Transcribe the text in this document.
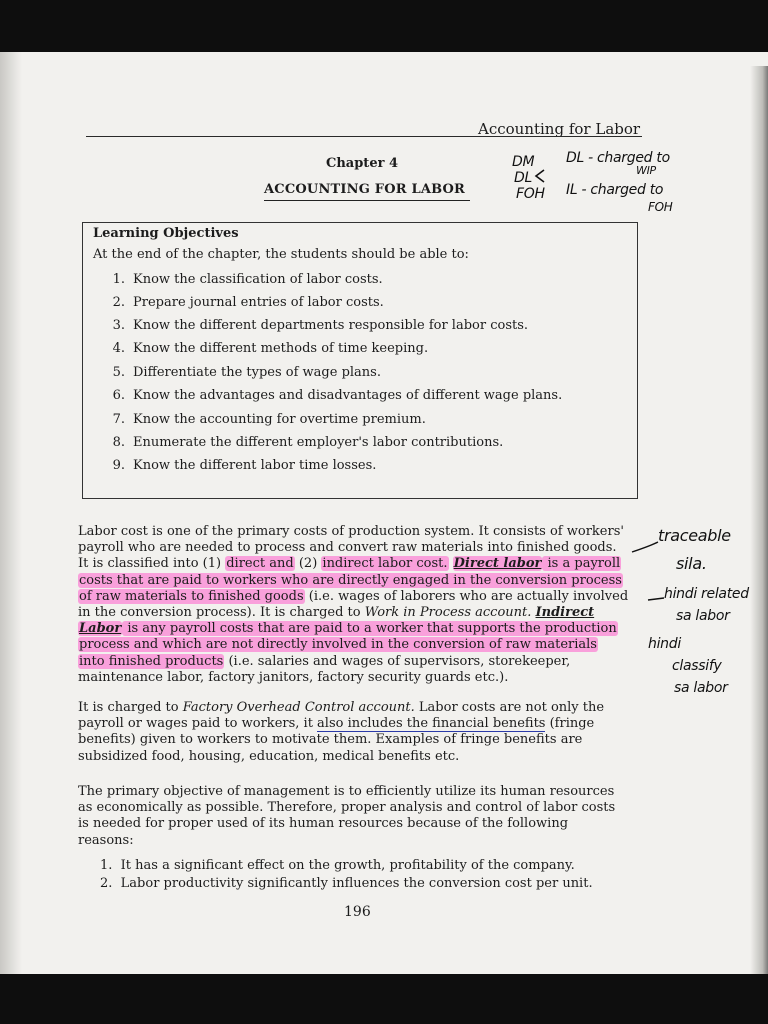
Accounting for Labor
Chapter 4
ACCOUNTING FOR LABOR
Learning Objectives
At the end of the chapter, the students should be able to:
1. Know the classification of labor costs.
2. Prepare journal entries of labor costs.
3. Know the different departments responsible for labor costs.
4. Know the different methods of time keeping.
5. Differentiate the types of wage plans.
6. Know the advantages and disadvantages of different wage plans.
7. Know the accounting for overtime premium.
8. Enumerate the different employer's labor contributions.
9. Know the different labor time losses.

Labor cost is one of the primary costs of production system. It consists of workers'

payroll who are needed to process and convert raw materials into finished goods.

It is classified into (1) direct and (2) indirect labor cost. Direct labor is a payroll

costs that are paid to workers who are directly engaged in the conversion process

of raw materials to finished goods (i.e. wages of laborers who are actually involved

in the conversion process). It is charged to Work in Process account. Indirect

Labor is any payroll costs that are paid to a worker that supports the production

process and which are not directly involved in the conversion of raw materials

into finished products (i.e. salaries and wages of supervisors, storekeeper,

maintenance labor, factory janitors, factory security guards etc.).

It is charged to Factory Overhead Control account. Labor costs are not only the

payroll or wages paid to workers, it also includes the financial benefits (fringe

benefits) given to workers to motivate them. Examples of fringe benefits are

subsidized food, housing, education, medical benefits etc.

The primary objective of management is to efficiently utilize its human resources

as economically as possible. Therefore, proper analysis and control of labor costs

is needed for proper used of its human resources because of the following

reasons:

1. It has a significant effect on the growth, profitability of the company.
2. Labor productivity significantly influences the conversion cost per unit.
196
DM
DL
FOH
DL - charged to
WIP
IL - charged to
FOH
traceable
sila.
hindi related
sa labor
hindi
classify
sa labor
